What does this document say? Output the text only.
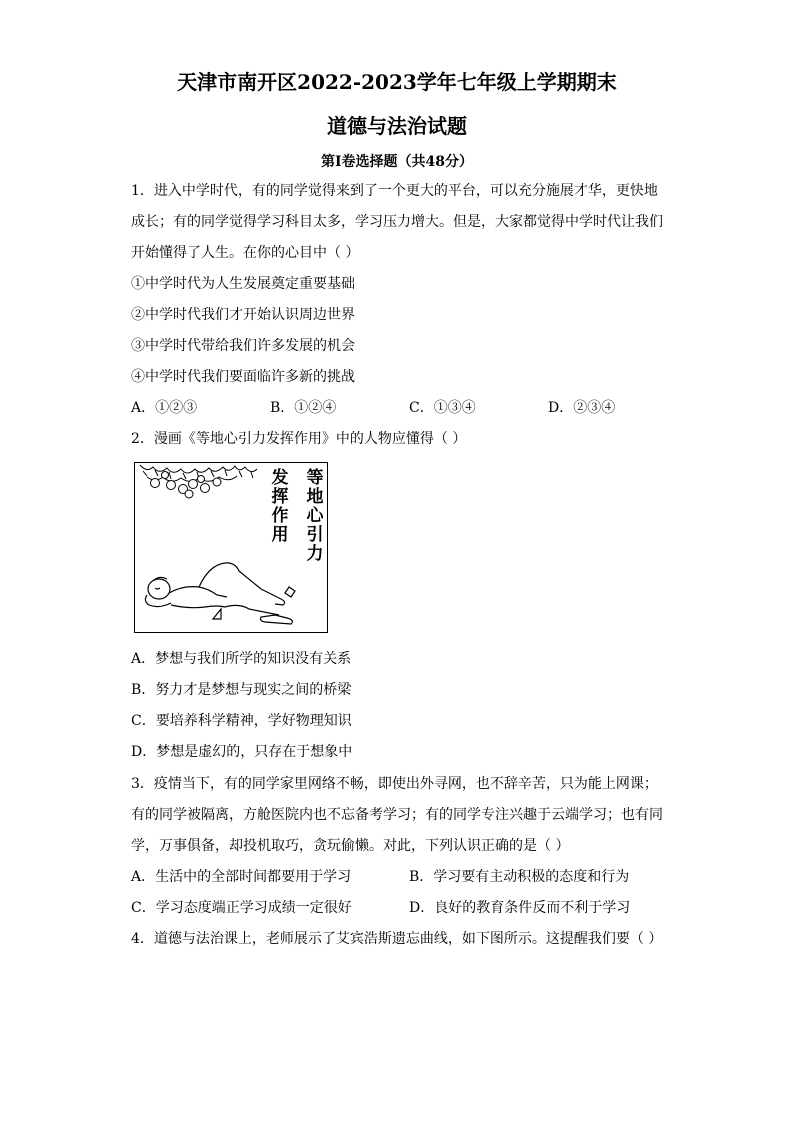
天津市南开区2022-2023学年七年级上学期期末
道德与法治试题
第Ⅰ卷选择题（共48分）
1．进入中学时代，有的同学觉得来到了一个更大的平台，可以充分施展才华，更快地
成长；有的同学觉得学习科目太多，学习压力增大。但是，大家都觉得中学时代让我们
开始懂得了人生。在你的心目中（ ）
①中学时代为人生发展奠定重要基础
②中学时代我们才开始认识周边世界
③中学时代带给我们许多发展的机会
④中学时代我们要面临许多新的挑战
A．①②③	B．①②④	C．①③④	D．②③④
2．漫画《等地心引力发挥作用》中的人物应懂得（ ）
发挥作用
等地心引力
A．梦想与我们所学的知识没有关系
B．努力才是梦想与现实之间的桥梁
C．要培养科学精神，学好物理知识
D．梦想是虚幻的，只存在于想象中
3．疫情当下，有的同学家里网络不畅，即使出外寻网，也不辞辛苦，只为能上网课；
有的同学被隔离，方舱医院内也不忘备考学习；有的同学专注兴趣于云端学习；也有同
学，万事俱备，却投机取巧，贪玩偷懒。对此，下列认识正确的是（ ）
A．生活中的全部时间都要用于学习	B．学习要有主动积极的态度和行为
C．学习态度端正学习成绩一定很好	D．良好的教育条件反而不利于学习
4．道德与法治课上，老师展示了艾宾浩斯遗忘曲线，如下图所示。这提醒我们要（ ）
